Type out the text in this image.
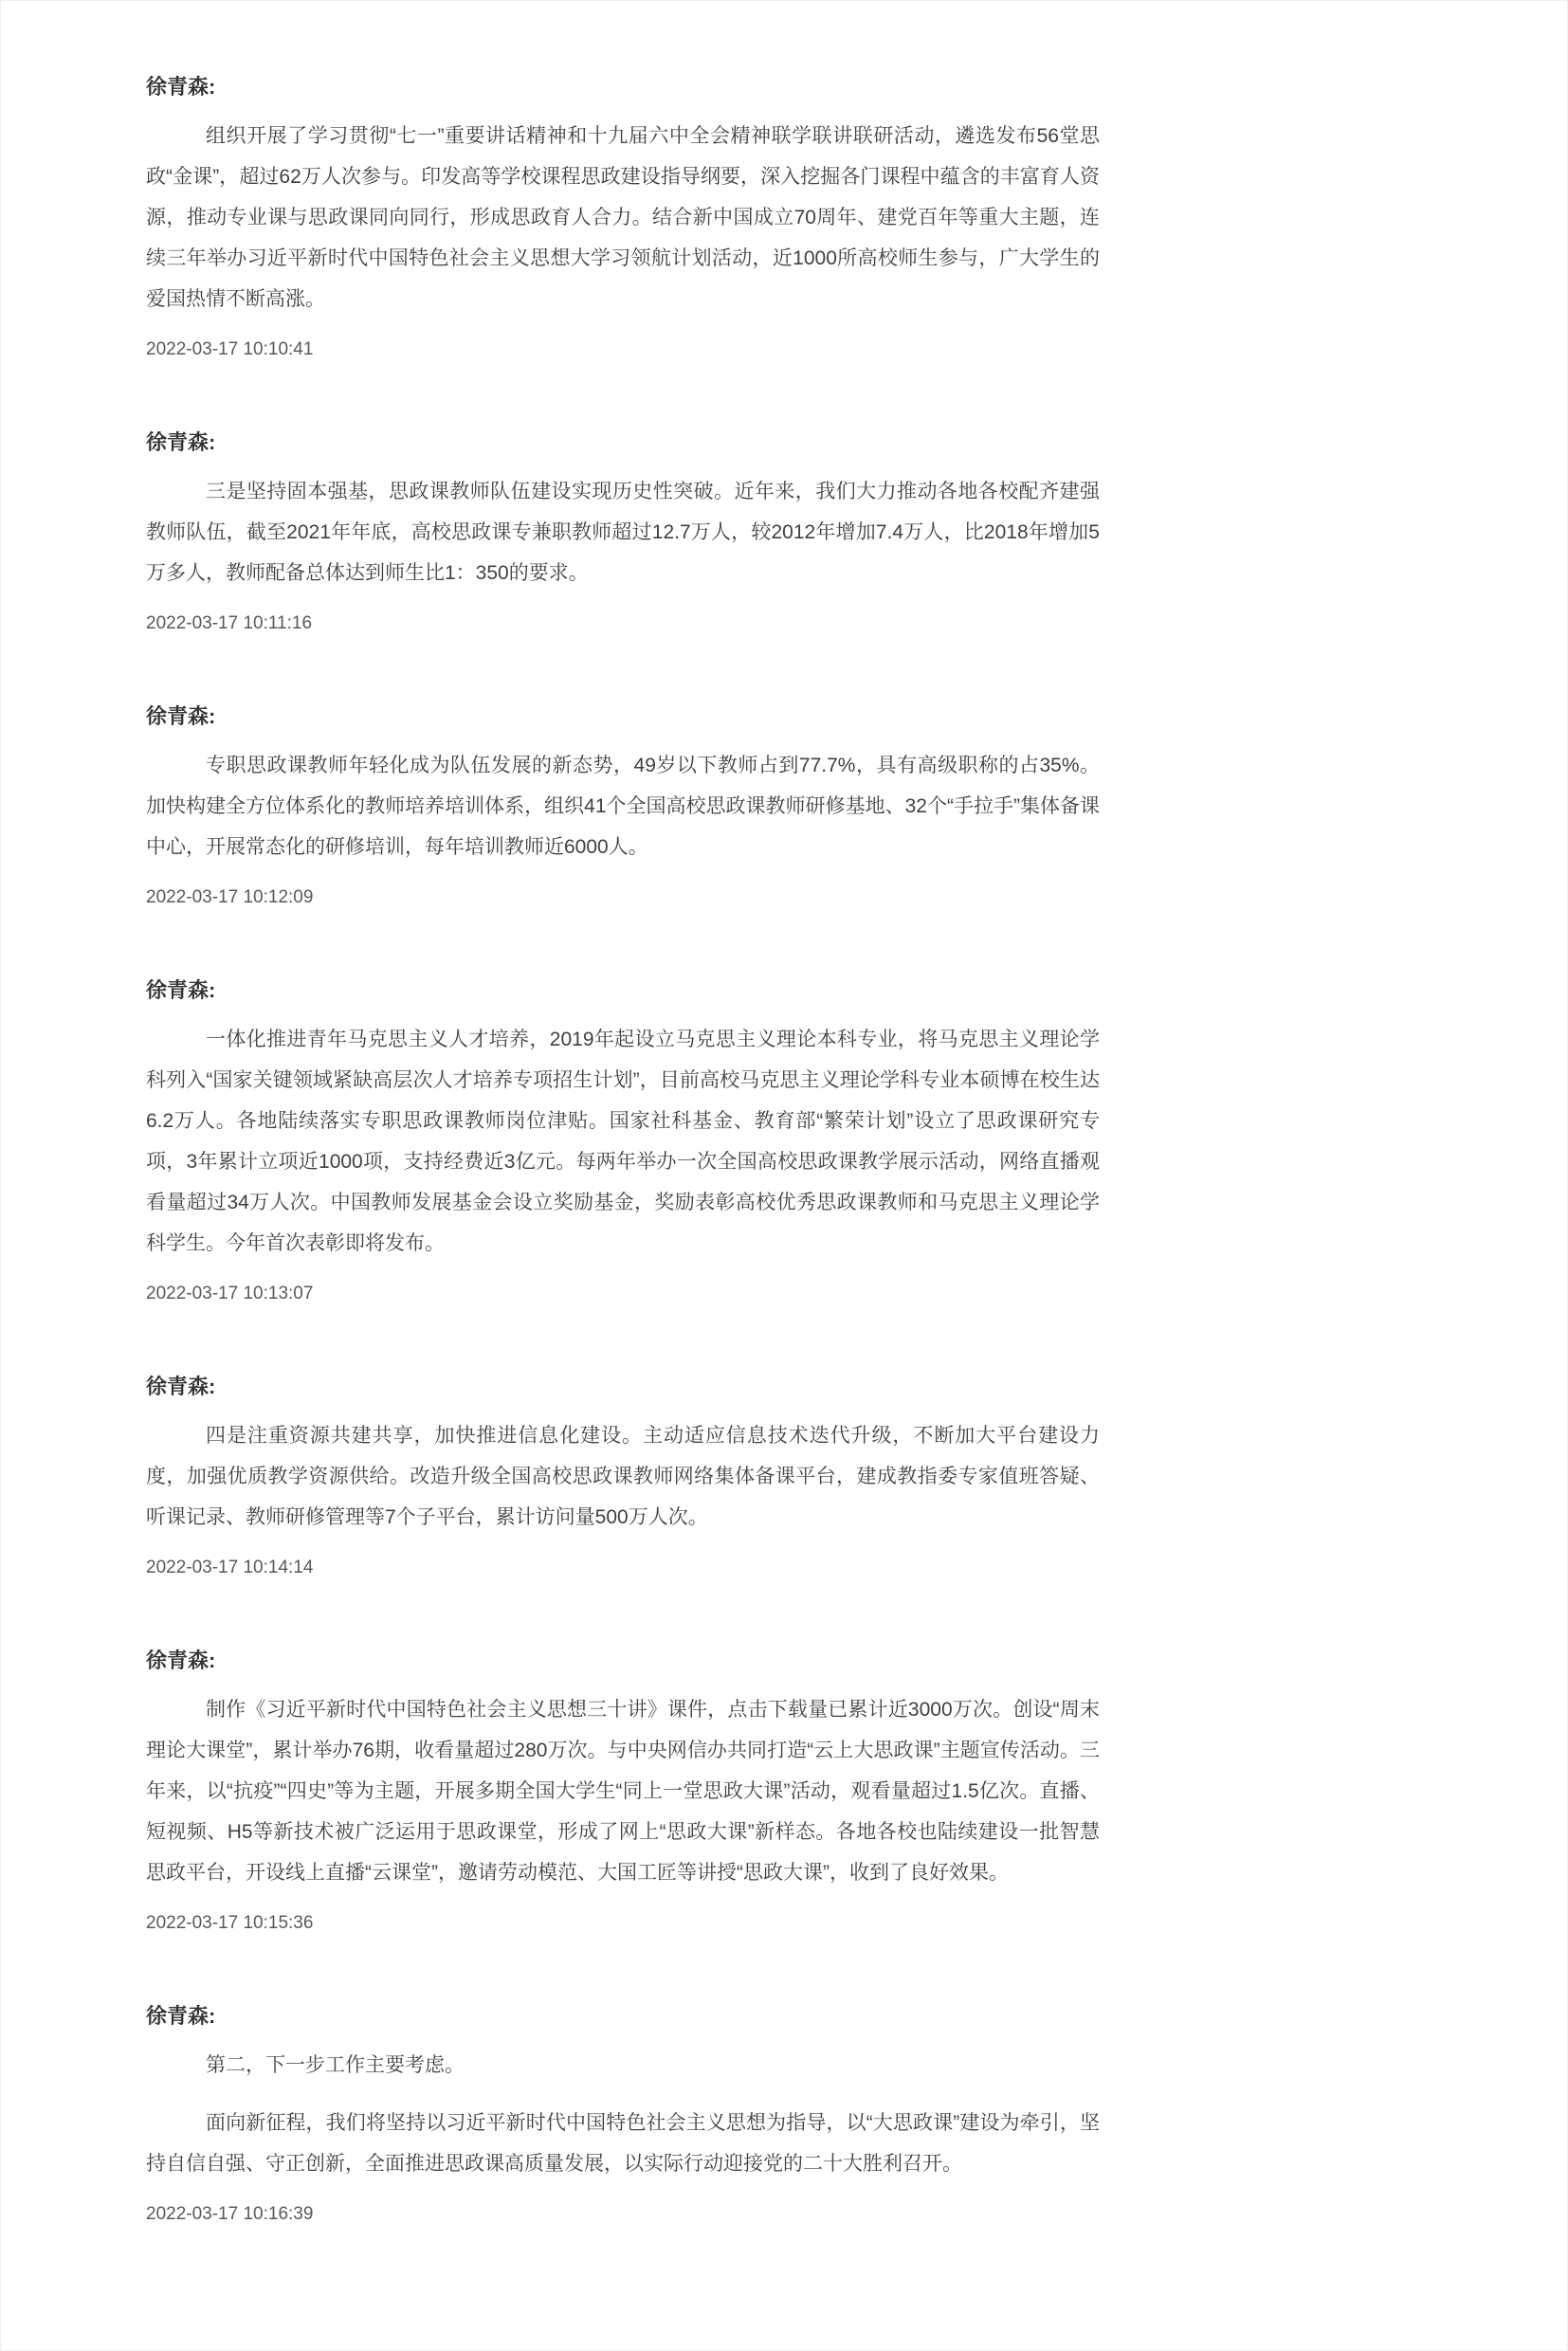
徐青森:

组织开展了学习贯彻“七一”重要讲话精神和十九届六中全会精神联学联讲联研活动，遴选发布56堂思政“金课”，超过62万人次参与。印发高等学校课程思政建设指导纲要，深入挖掘各门课程中蕴含的丰富育人资源，推动专业课与思政课同向同行，形成思政育人合力。结合新中国成立70周年、建党百年等重大主题，连续三年举办习近平新时代中国特色社会主义思想大学习领航计划活动，近1000所高校师生参与，广大学生的爱国热情不断高涨。

2022-03-17 10:10:41
徐青森:

三是坚持固本强基，思政课教师队伍建设实现历史性突破。近年来，我们大力推动各地各校配齐建强教师队伍，截至2021年年底，高校思政课专兼职教师超过12.7万人，较2012年增加7.4万人，比2018年增加5万多人，教师配备总体达到师生比1：350的要求。

2022-03-17 10:11:16
徐青森:

专职思政课教师年轻化成为队伍发展的新态势，49岁以下教师占到77.7%，具有高级职称的占35%。加快构建全方位体系化的教师培养培训体系，组织41个全国高校思政课教师研修基地、32个“手拉手”集体备课中心，开展常态化的研修培训，每年培训教师近6000人。

2022-03-17 10:12:09
徐青森:

一体化推进青年马克思主义人才培养，2019年起设立马克思主义理论本科专业，将马克思主义理论学科列入“国家关键领域紧缺高层次人才培养专项招生计划”，目前高校马克思主义理论学科专业本硕博在校生达6.2万人。各地陆续落实专职思政课教师岗位津贴。国家社科基金、教育部“繁荣计划”设立了思政课研究专项，3年累计立项近1000项，支持经费近3亿元。每两年举办一次全国高校思政课教学展示活动，网络直播观看量超过34万人次。中国教师发展基金会设立奖励基金，奖励表彰高校优秀思政课教师和马克思主义理论学科学生。今年首次表彰即将发布。

2022-03-17 10:13:07
徐青森:

四是注重资源共建共享，加快推进信息化建设。主动适应信息技术迭代升级，不断加大平台建设力度，加强优质教学资源供给。改造升级全国高校思政课教师网络集体备课平台，建成教指委专家值班答疑、听课记录、教师研修管理等7个子平台，累计访问量500万人次。

2022-03-17 10:14:14
徐青森:

制作《习近平新时代中国特色社会主义思想三十讲》课件，点击下载量已累计近3000万次。创设“周末理论大课堂”，累计举办76期，收看量超过280万次。与中央网信办共同打造“云上大思政课”主题宣传活动。三年来，以“抗疫”“四史”等为主题，开展多期全国大学生“同上一堂思政大课”活动，观看量超过1.5亿次。直播、短视频、H5等新技术被广泛运用于思政课堂，形成了网上“思政大课”新样态。各地各校也陆续建设一批智慧思政平台，开设线上直播“云课堂”，邀请劳动模范、大国工匠等讲授“思政大课”，收到了良好效果。

2022-03-17 10:15:36
徐青森:

第二，下一步工作主要考虑。

面向新征程，我们将坚持以习近平新时代中国特色社会主义思想为指导，以“大思政课”建设为牵引，坚持自信自强、守正创新，全面推进思政课高质量发展，以实际行动迎接党的二十大胜利召开。

2022-03-17 10:16:39
